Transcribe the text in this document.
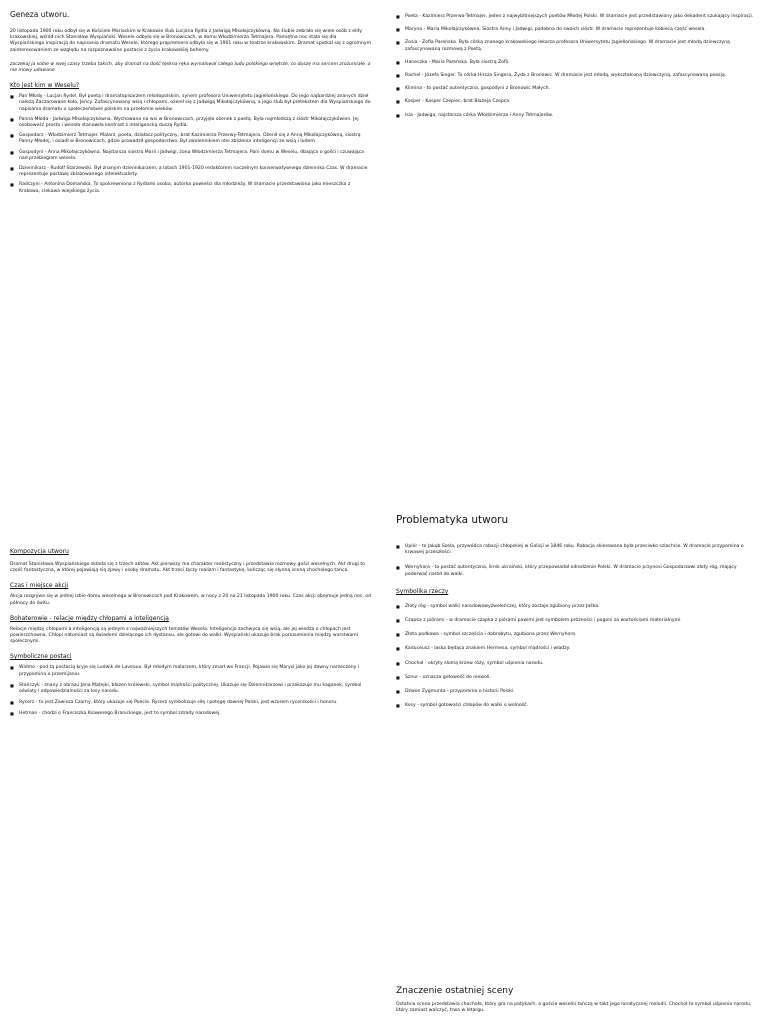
Geneza utworu.

20 listopada 1900 roku odbył się w Kościele Mariackim w Krakowie ślub Lucjana Rydla z Jadwigą Mikołajczykówną. Na ślubie zebrało się wiele osób z elity krakowskiej, wśród nich Stanisław Wyspiański. Wesele odbyło się w Bronowicach, w domu Włodzimierza Tetmajera. Pamiętna noc stała się dla Wyspiańskiego inspiracją do napisania dramatu Wesele, którego prapremiera odbyła się w 1901 roku w teatrze krakowskim. Dramat spotkał się z ogromnym zainteresowaniem ze względu na rozpoznawalne postacie z życia krakowskiej bohemy.

zaczekaj ja sobie w swej czasy trzeba takich, aby dramat na dość tęskna ręka wymalował całego ludu polskiego wnętrze, co duszę ma sercem zrozumiałe, a nie mowy udawane

Kto jest kim w Weselu?

■ Pan Młody - Lucjan Rydel. Był poetą i dramatopisarzem młodopolskim, synem profesora Uniwersytetu Jagiellońskiego. Do jego najbardziej znanych dzieł należą Zaczarowane koło, Jeńcy. Zafascynowany wsią i chłopami, ożenił się z Jadwigą Mikołajczykówną, a jego ślub był pretekstem dla Wyspiańskiego do napisania dramatu o społeczeństwie polskim na przełomie wieków.

■ Panna Młoda - Jadwiga Mikołajczykówna. Wychowana na wsi w Bronowicach, przyjęła ożenek z poetą. Była najmłodszą z sióstr Mikołajczykówien. Jej osobowość prosta i wesoła stanowiła kontrast z inteligencką duszą Rydla.

■ Gospodarz - Włodzimierz Tetmajer. Malarz, poeta, działacz polityczny, brat Kazimierza Przerwy-Tetmajera. Ożenił się z Anną Mikołajczykówną, siostrą Panny Młodej, i osiadł w Bronowicach, gdzie prowadził gospodarstwo. Był zwolennikiem idei zbliżenia inteligencji ze wsią i ludem.

■ Gospodyni - Anna Mikołajczykówna. Najstarsza siostra Marii i Jadwigi, żona Włodzimierza Tetmajera. Pani domu w Weselu, dbająca o gości i czuwająca nad przebiegiem wesela.

■ Dziennikarz - Rudolf Starzewski. Był znanym dziennikarzem, a latach 1901-1920 redaktorem naczelnym konserwatywnego dziennika Czas. W dramacie reprezentuje postawę zblazowanego intelektualisty.

■ Radczyni - Antonina Domańska. To spokrewniona z Rydlami osoba, autorka powieści dla młodzieży. W dramacie przedstawiona jako mieszczka z Krakowa, ciekawa wiejskiego życia.

Kompozycja utworu

Dramat Stanisława Wyspiańskiego składa się z trzech aktów. Akt pierwszy ma charakter realistyczny i przedstawia rozmowy gości weselnych. Akt drugi to część fantastyczna, w której pojawiają się zjawy i osoby dramatu. Akt trzeci łączy realizm i fantastykę, kończąc się słynną sceną chocholego tańca.

Czas i miejsce akcji

Akcja rozgrywa się w jednej izbie domu weselnego w Bronowicach pod Krakowem, w nocy z 20 na 21 listopada 1900 roku. Czas akcji obejmuje jedną noc, od północy do świtu.

Bohaterowie - relacje między chłopami a inteligencją

Relacje między chłopami a inteligencją są jednym z najważniejszych tematów Wesela. Inteligencja zachwyca się wsią, ale jej wiedza o chłopach jest powierzchowna. Chłopi natomiast są świadomi dzielącego ich dystansu, ale gotowi do walki. Wyspiański ukazuje brak porozumienia między warstwami społecznymi.

Symboliczne postaci

■ Widmo - pod tą postacią kryje się Ludwik de Laveaux. Był młodym malarzem, który zmarł we Francji. Pojawia się Marysi jako jej dawny narzeczony i przypomina o przemijaniu.

■ Stańczyk - znany z obrazu Jana Matejki, błazen królewski, symbol mądrości politycznej. Ukazuje się Dziennikarzowi i przekazuje mu kaganek, symbol oświaty i odpowiedzialności za losy narodu.

■ Rycerz - to jest Zawisza Czarny, który ukazuje się Poecie. Rycerz symbolizuje siłę i potęgę dawnej Polski, jest wzorem rycerskości i honoru.

■ Hetman - chodzi o Franciszka Ksawerego Branickiego, jest to symbol zdrady narodowej.

■ Poeta - Kazimierz Przerwa-Tetmajer, jeden z najwybitniejszych poetów Młodej Polski. W dramacie jest przedstawiony jako dekadent szukający inspiracji.

■ Maryna - Maria Mikołajczykówna. Siostra Anny i Jadwigi, podobna do swoich sióstr. W dramacie reprezentuje kobiecą część wesela.

■ Zosia - Zofia Pareńska. Była córką znanego krakowskiego lekarza profesora Uniwersytetu Jagiellońskiego. W dramacie jest młodą dziewczyną zafascynowaną rozmową z Poetą.

■ Haneczka - Maria Pareńska. Była siostrą Zofii.

■ Rachel - Józefa Singer. To córka Hirsza Singera, Żyda z Bronowic. W dramacie jest młodą, wykształconą dziewczyną, zafascynowaną poezją.

■ Klimina - to postać autentyczna, gospodyni z Bronowic Małych.

■ Kasper - Kasper Czepiec, brat Blażeja Czepca.

■ Isia - Jadwiga, najstarsza córka Włodzimierza i Anny Tetmajerów.

Problematyka utworu

■ Upiór - to Jakub Szela, przywódca rabacji chłopskiej w Galicji w 1846 roku. Rabacja skierowana była przeciwko szlachcie. W dramacie przypomina o krwawej przeszłości.

■ Wernyhora - to postać autentyczna, lirnik ukraiński, który przepowiadał odrodzenie Polski. W dramacie przynosi Gospodarzowi złoty róg, mający poderwać naród do walki.

Symbolika rzeczy

■ Złoty róg - symbol walki narodowowyzwoleńczej, który zostaje zgubiony przez Jaśka.

■ Czapka z piórami - w dramacie czapka z piórami pawimi jest symbolem próżności i pogoni za wartościami materialnymi.

■ Złota podkowa - symbol szczęścia i dobrobytu, zgubiona przez Wernyhorę.

■ Kaduceusz - laska będąca znakiem Hermesa, symbol mądrości i władzy.

■ Chochoł - okryty słomą krzew róży, symbol uśpienia narodu.

■ Sznur - oznacza gotowość do niewoli.

■ Dzwon Zygmunta - przypomina o historii Polski.

■ Kosy - symbol gotowości chłopów do walki o wolność.

Znaczenie ostatniej sceny

Ostatnia scena przedstawia chochoła, który gra na patykach, a goście weselni tańczą w takt jego lunatycznej melodii. Chochoł to symbol uśpienia narodu, który zamiast walczyć, trwa w letargu.
